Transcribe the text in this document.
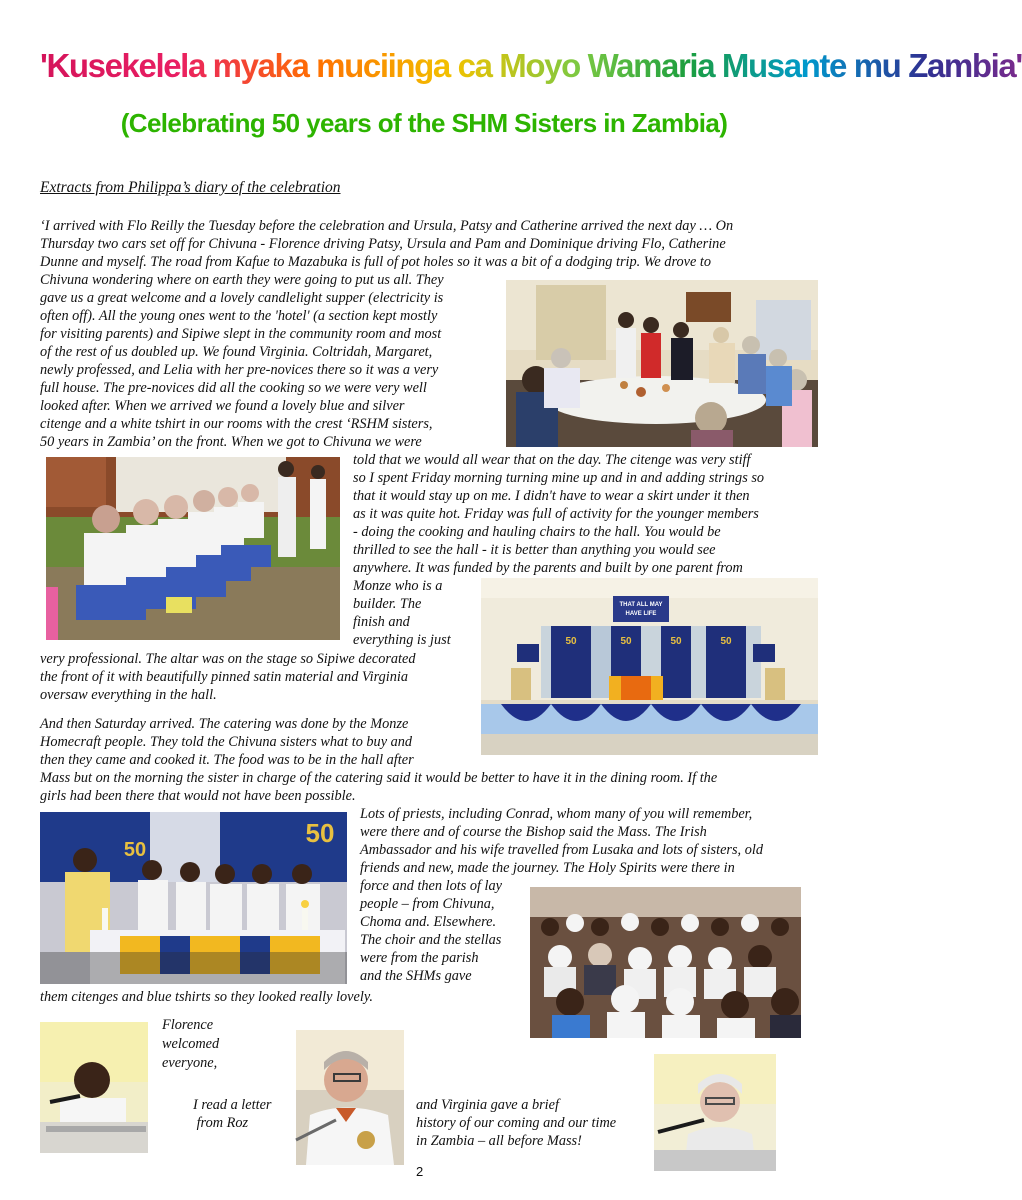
'Kusekelela myaka muciinga ca Moyo Wamaria Musante mu Zambia'
(Celebrating 50 years of the SHM Sisters in Zambia)
Extracts from Philippa’s diary of the celebration
‘I arrived with Flo Reilly the Tuesday before the celebration and Ursula, Patsy and Catherine arrived the next day … On
Thursday two cars set off for Chivuna - Florence driving Patsy, Ursula and Pam and Dominique driving Flo, Catherine
Dunne and myself. The road from Kafue to Mazabuka is full of pot holes so it was a bit of a dodging trip. We drove to
Chivuna wondering where on earth they were going to put us all. They
gave us a great welcome and a lovely candlelight supper (electricity is
often off). All the young ones went to the 'hotel' (a section kept mostly
for visiting parents) and Sipiwe slept in the community room and most
of the rest of us doubled up. We found Virginia. Coltridah, Margaret,
newly professed, and Lelia with her pre-novices there so it was a very
full house. The pre-novices did all the cooking so we were very well
looked after. When we arrived we found a lovely blue and silver
citenge and a white tshirt in our rooms with the crest ‘RSHM sisters,
50 years in Zambia’ on the front. When we got to Chivuna we were
told that we would all wear that on the day. The citenge was very stiff
so I spent Friday morning turning mine up and in and adding strings so
that it would stay up on me. I didn't have to wear a skirt under it then
as it was quite hot. Friday was full of activity for the younger members
- doing the cooking and hauling chairs to the hall. You would be
thrilled to see the hall - it is better than anything you would see
anywhere. It was funded by the parents and built by one parent from
Monze who is a
builder. The
finish and
everything is just
very professional. The altar was on the stage so Sipiwe decorated
the front of it with beautifully pinned satin material and Virginia
oversaw everything in the hall.
And then Saturday arrived. The catering was done by the Monze
Homecraft people. They told the Chivuna sisters what to buy and
then they came and cooked it. The food was to be in the hall after
Mass but on the morning the sister in charge of the catering said it would be better to have it in the dining room. If the
girls had been there that would not have been possible.
Lots of priests, including Conrad, whom many of you will remember,
were there and of course the Bishop said the Mass. The Irish
Ambassador and his wife travelled from Lusaka and lots of sisters, old
friends and new, made the journey. The Holy Spirits were there in
force and then lots of lay
people – from Chivuna,
Choma and. Elsewhere.
The choir and the stellas
were from the parish
and the SHMs gave
them citenges and blue tshirts so they looked really lovely.
THAT ALL MAY
HAVE LIFE
50	50	50	50
50
50
Florence
welcomed
everyone,
I read a letter
from Roz
and Virginia gave a brief
history of our coming and our time
in Zambia – all before Mass!
2
